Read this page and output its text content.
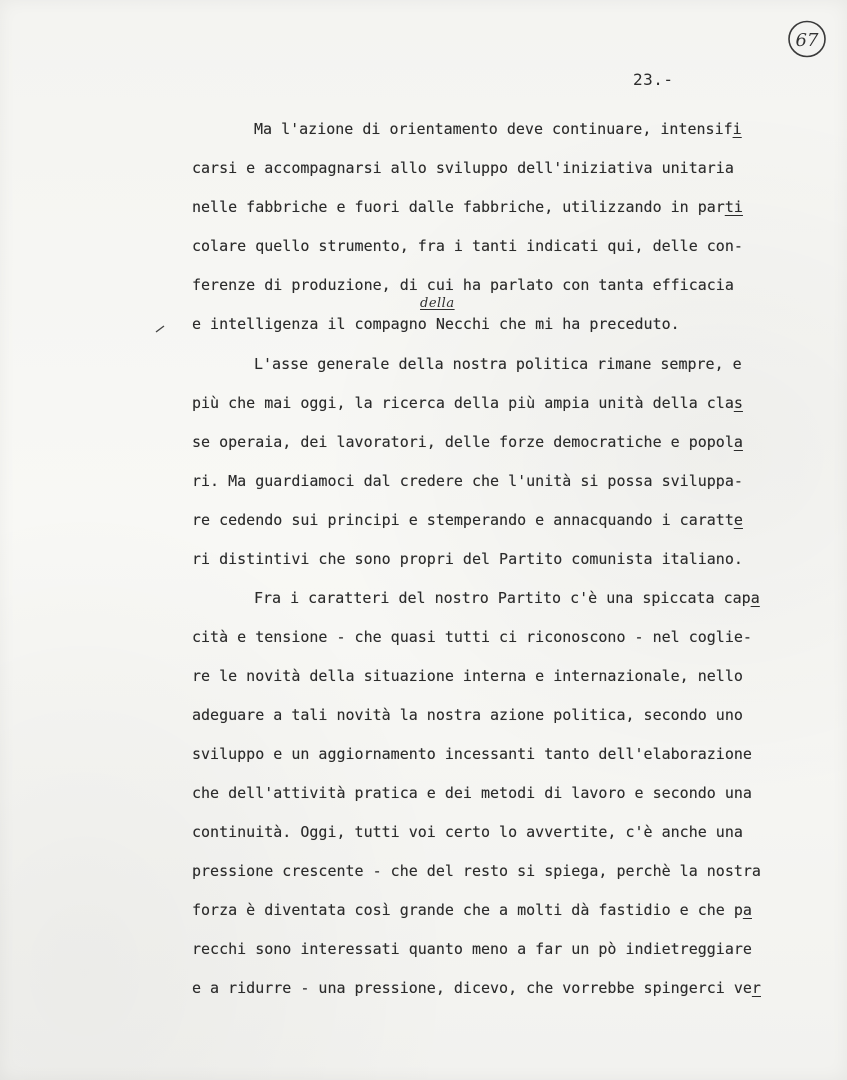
67
23.-
della
Ma l'azione di orientamento deve continuare, intensifi
carsi e accompagnarsi allo sviluppo dell'iniziativa unitaria
nelle fabbriche e fuori dalle fabbriche, utilizzando in parti
colare quello strumento, fra i tanti indicati qui, delle con-
ferenze di produzione, di cui ha parlato con tanta efficacia
e intelligenza il compagno Necchi che mi ha preceduto.
L'asse generale della nostra politica rimane sempre, e
più che mai oggi, la ricerca della più ampia unità della clas
se operaia, dei lavoratori, delle forze democratiche e popola
ri. Ma guardiamoci dal credere che l'unità si possa sviluppa-
re cedendo sui principi e stemperando e annacquando i caratte
ri distintivi che sono propri del Partito comunista italiano.
Fra i caratteri del nostro Partito c'è una spiccata capa
cità e tensione - che quasi tutti ci riconoscono - nel coglie-
re le novità della situazione interna e internazionale, nello
adeguare a tali novità la nostra azione politica, secondo uno
sviluppo e un aggiornamento incessanti tanto dell'elaborazione
che dell'attività pratica e dei metodi di lavoro e secondo una
continuità. Oggi, tutti voi certo lo avvertite, c'è anche una
pressione crescente - che del resto si spiega, perchè la nostra
forza è diventata così grande che a molti dà fastidio e che pa
recchi sono interessati quanto meno a far un pò indietreggiare
e a ridurre - una pressione, dicevo, che vorrebbe spingerci ver
